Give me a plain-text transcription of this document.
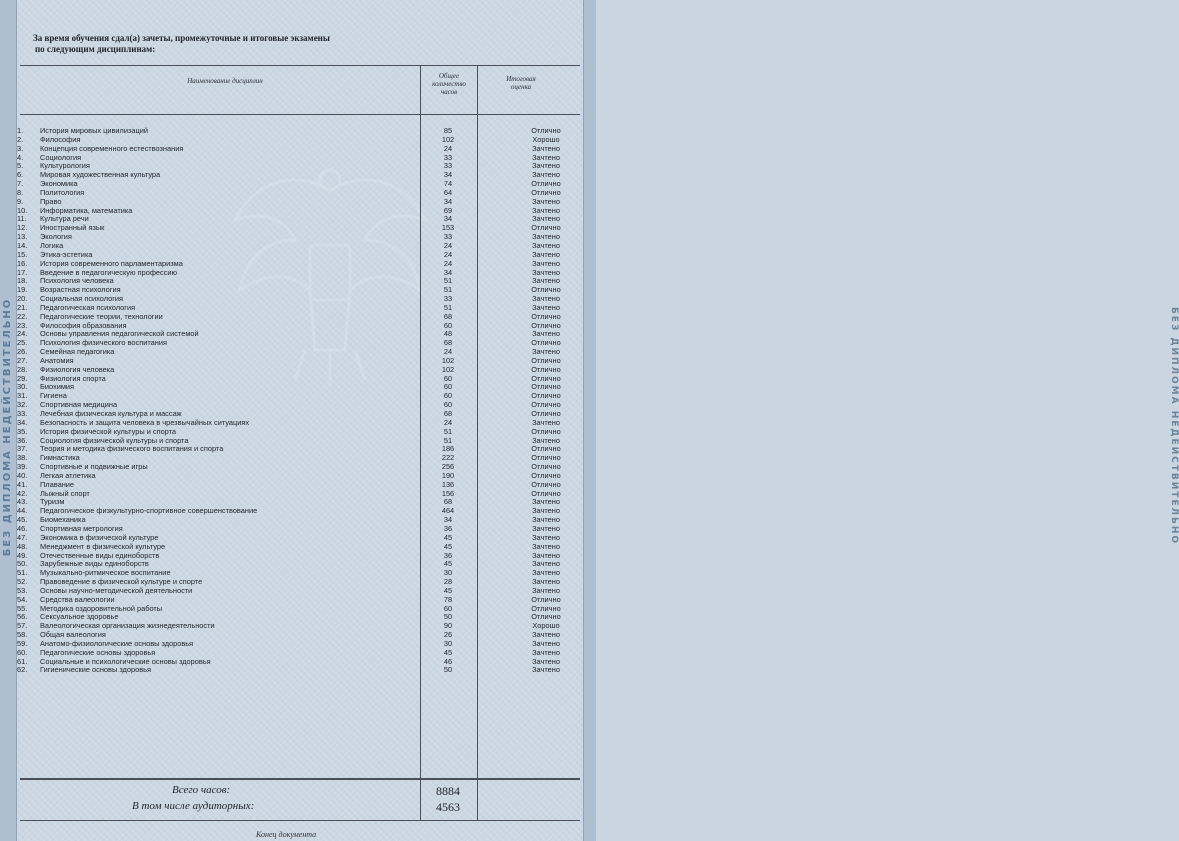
БЕЗ ДИПЛОМА НЕДЕЙСТВИТЕЛЬНО	БЕЗ ДИПЛОМА НЕДЕЙСТВИТЕЛЬНО
За время обучения сдал(а) зачеты, промежуточные и итоговые экзамены
по следующим дисциплинам:
Наименование дисциплин
Общее
количество
часов
Итоговая
оценка
1. История мировых цивилизаций	85	Отлично
2. Философия	102	Хорошо
3. Концепция современного естествознания	24	Зачтено
4. Социология	33	Зачтено
5. Культурология	33	Зачтено
6. Мировая художественная культура	34	Зачтено
7. Экономика	74	Отлично
8. Политология	64	Отлично
9. Право	34	Зачтено
10. Информатика, математика	69	Зачтено
11. Культура речи	34	Зачтено
12. Иностранный язык	153	Отлично
13. Экология	33	Зачтено
14. Логика	24	Зачтено
15. Этика-эстетика	24	Зачтено
16. История современного парламентаризма	24	Зачтено
17. Введение в педагогическую профессию	34	Зачтено
18. Психология человека	51	Зачтено
19. Возрастная психология	51	Отлично
20. Социальная психология	33	Зачтено
21. Педагогическая психология	51	Зачтено
22. Педагогические теории, технологии	68	Отлично
23. Философия образования	60	Отлично
24. Основы управления педагогической системой	48	Зачтено
25. Психология физического воспитания	68	Отлично
26. Семейная педагогика	24	Зачтено
27. Анатомия	102	Отлично
28. Физиология человека	102	Отлично
29. Физиология спорта	60	Отлично
30. Биохимия	60	Отлично
31. Гигиена	60	Отлично
32. Спортивная медицина	60	Отлично
33. Лечебная физическая культура и массаж	68	Отлично
34. Безопасность и защита человека в чрезвычайных ситуациях	24	Зачтено
35. История физической культуры и спорта	51	Отлично
36. Социология физической культуры и спорта	51	Зачтено
37. Теория и методика физического воспитания и спорта	186	Отлично
38. Гимнастика	222	Отлично
39. Спортивные и подвижные игры	256	Отлично
40. Легкая атлетика	190	Отлично
41. Плавание	136	Отлично
42. Лыжный спорт	156	Отлично
43. Туризм	68	Зачтено
44. Педагогическое физкультурно-спортивное совершенствование	464	Зачтено
45. Биомеханика	34	Зачтено
46. Спортивная метрология	36	Зачтено
47. Экономика в физической культуре	45	Зачтено
48. Менеджмент в физической культуре	45	Зачтено
49. Отечественные виды единоборств	36	Зачтено
50. Зарубежные виды единоборств	45	Зачтено
51. Музыкально-ритмическое воспитание	30	Зачтено
52. Правоведение в физической культуре и спорте	28	Зачтено
53. Основы научно-методической деятельности	45	Зачтено
54. Средства валеологии	78	Отлично
55. Методика оздоровительной работы	60	Отлично
56. Сексуальное здоровье	50	Отлично
57. Валеологическая организация жизнедеятельности	90	Хорошо
58. Общая валеология	26	Зачтено
59. Анатомо-физиологические основы здоровья	30	Зачтено
60. Педагогические основы здоровья	45	Зачтено
61. Социальные и психологические основы здоровья	46	Зачтено
62. Гигиенические основы здоровья	50	Зачтено
Всего часов:	8884
В том числе аудиторных:	4563
Конец документа
